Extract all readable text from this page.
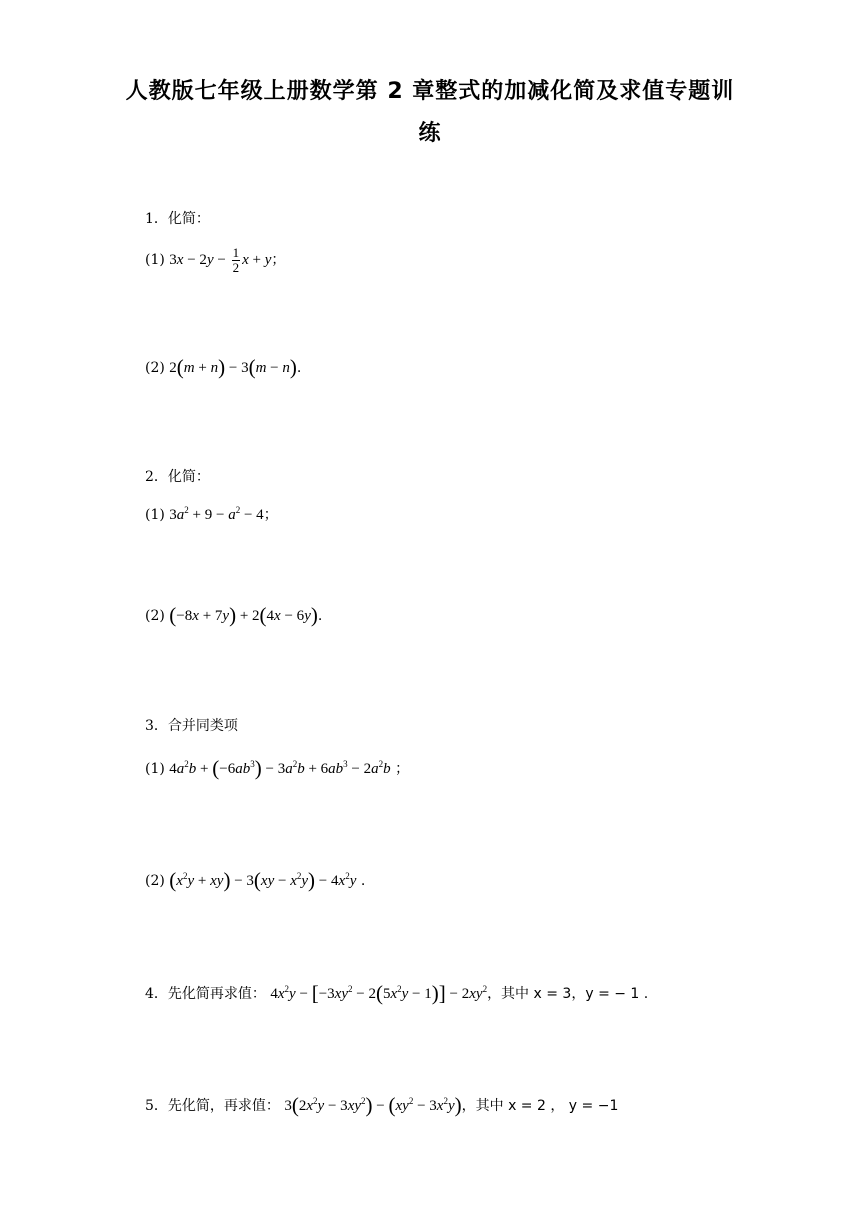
人教版七年级上册数学第 2 章整式的加减化简及求值专题训
练
1．化简：
(1) $3x - 2y - \frac{1}{2}$ x + y；
(2) 2(m + n) − 3(m − n).
2．化简：
(1) $3a^2 + 9 - a^2 - 4$；
(2) (−8x + 7y) + 2(4x − 6y).
3．合并同类项
(1) $4a^2b + (-6ab^3) - 3a^2b + 6ab^3 - 2a^2b$ ；
(2) $(x^2y + xy) - 3(xy - x^2y) - 4x^2y$ .
4．先化简再求值： $4x^2y - [-3xy^2 - 2(5x^2y - 1)] - 2xy^2$，其中 x = 3，y = − 1 .
5．先化简，再求值： $3(2x^2y - 3xy^2) - (xy^2 - 3x^2y)$，其中 x = 2 ， y = −1
